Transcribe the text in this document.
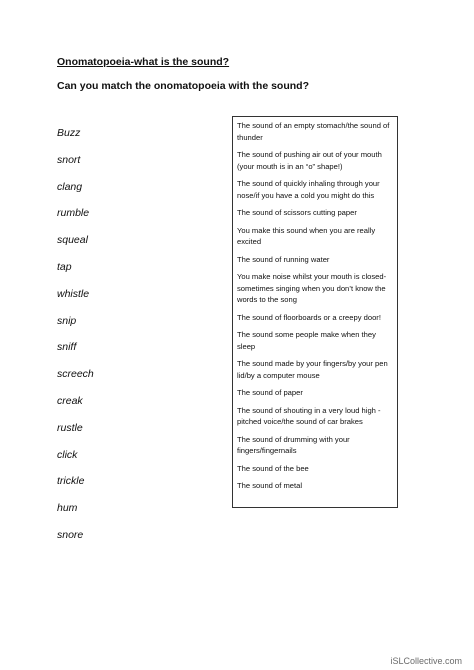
Onomatopoeia-what is the sound?
Can you match the onomatopoeia with the sound?
Buzz
snort
clang
rumble
squeal
tap
whistle
snip
sniff
screech
creak
rustle
click
trickle
hum
snore
The sound of an empty stomach/the sound of thunder
The sound of pushing air out of your mouth (your mouth is in an “o” shape!)
The sound of quickly inhaling through your nose/if you have a cold you might do this
The sound of scissors cutting paper
You make this sound when you are really excited
The sound of running water
You make noise whilst your mouth is closed-sometimes singing when you don’t know the words to the song
The sound of floorboards or a creepy door!
The sound some people make when they sleep
The sound made by your fingers/by your pen lid/by a computer mouse
The sound of paper
The sound of shouting in a very loud high - pitched voice/the sound of car brakes
The sound of drumming with your fingers/fingernails
The sound of the bee
The sound of metal
iSLCollective.com
